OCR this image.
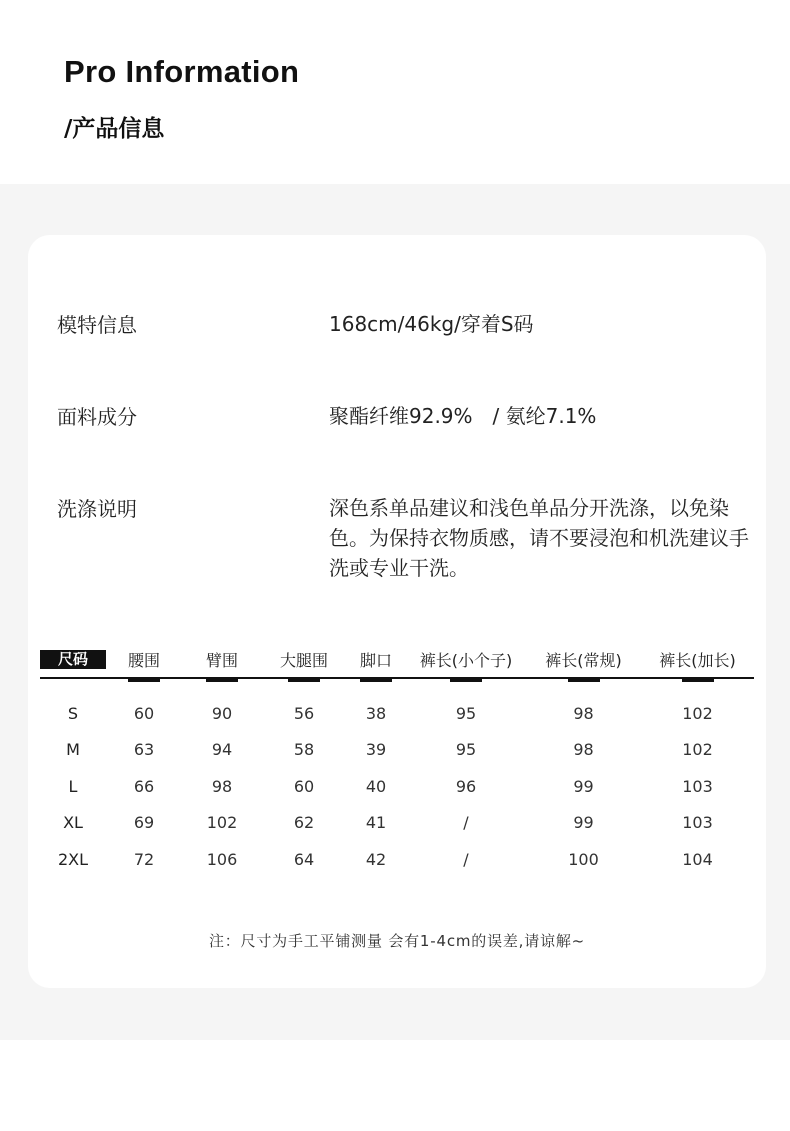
Pro Information
/产品信息
模特信息	168cm/46kg/穿着S码
面料成分	聚酯纤维92.9%　/ 氨纶7.1%
洗涤说明	深色系单品建议和浅色单品分开洗涤，以免染色。为保持衣物质感，请不要浸泡和机洗建议手洗或专业干洗。
尺码	腰围	臂围	大腿围	脚口	裤长(小个子)	裤长(常规)	裤长(加长)

S	60	90	56	38	95	98	102
M	63	94	58	39	95	98	102
L	66	98	60	40	96	99	103
XL	69	102	62	41	/	99	103
2XL	72	106	64	42	/	100	104
注：尺寸为手工平铺测量 会有1-4cm的误差,请谅解~
